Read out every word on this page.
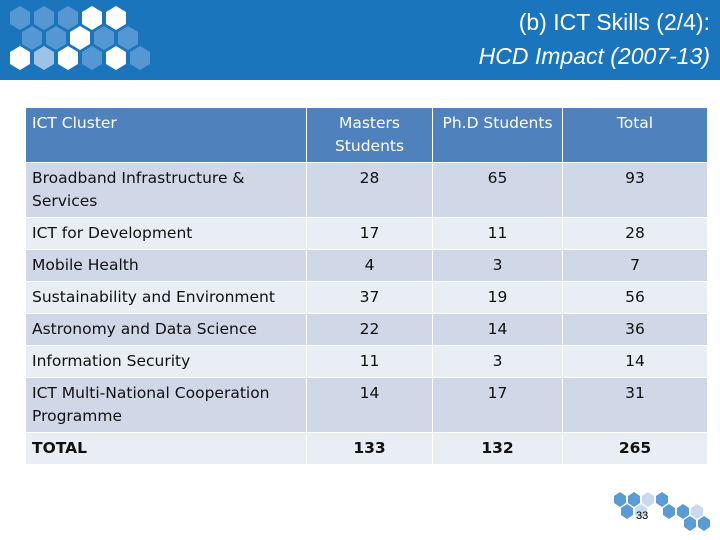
(b) ICT Skills (2/4):
HCD Impact (2007-13)
ICT Cluster	Masters Students	Ph.D Students	Total
Broadband Infrastructure & Services	28	65	93
ICT for Development	17	11	28
Mobile Health	4	3	7
Sustainability and Environment	37	19	56
Astronomy and Data Science	22	14	36
Information Security	11	3	14
ICT Multi-National Cooperation Programme	14	17	31
TOTAL	133	132	265
33
